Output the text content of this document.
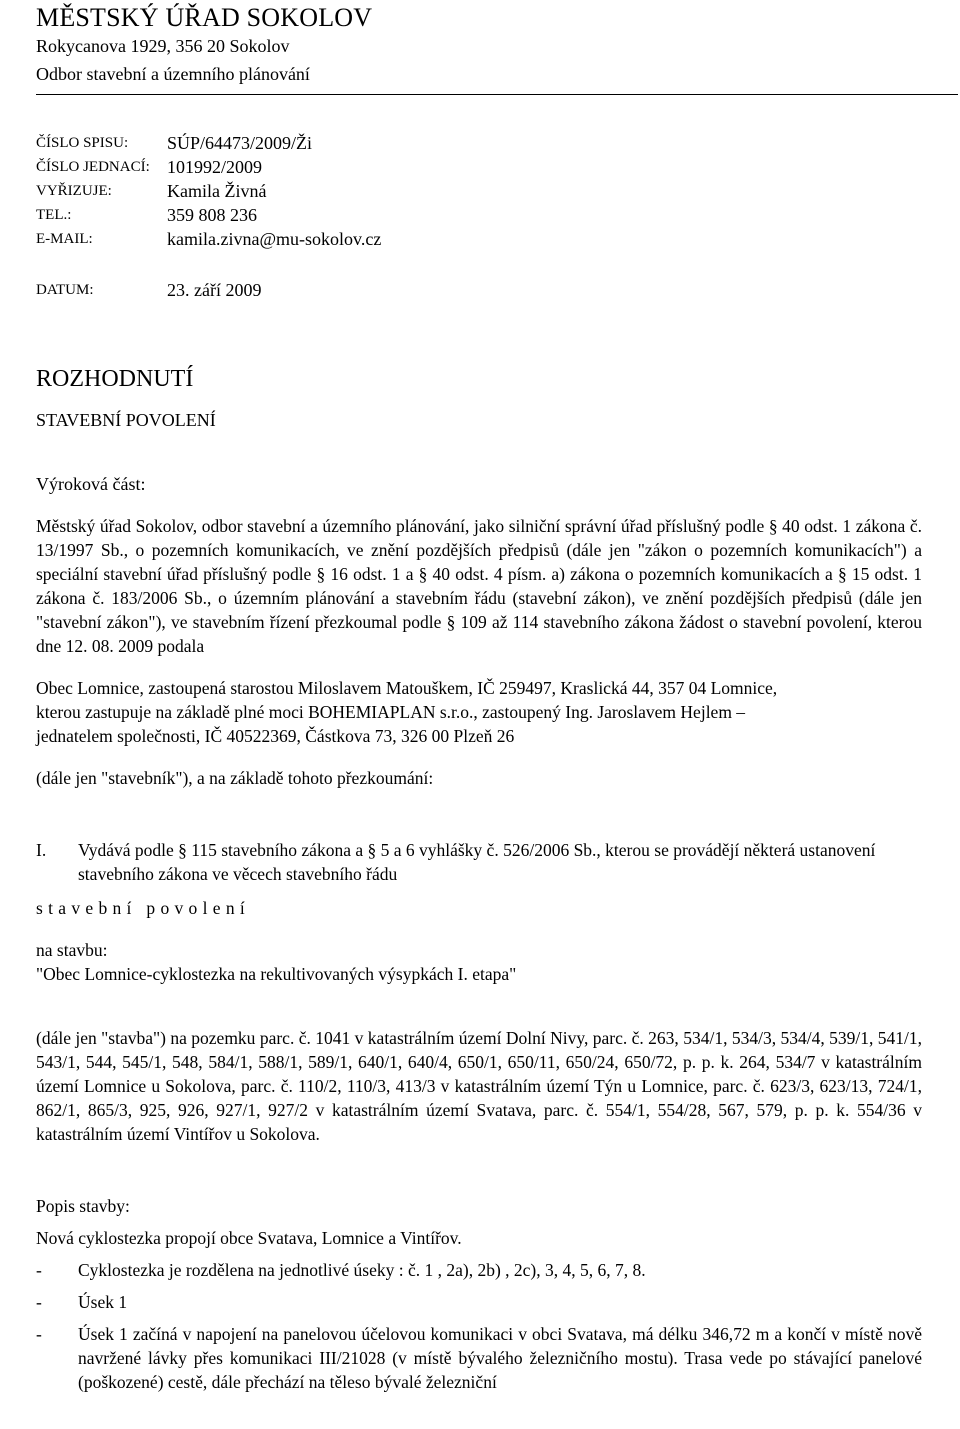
MĚSTSKÝ ÚŘAD SOKOLOV
Rokycanova 1929, 356 20 Sokolov
Odbor stavební a územního plánování
ČÍSLO SPISU:	SÚP/64473/2009/Ži
ČÍSLO JEDNACÍ: 101992/2009
VYŘIZUJE:	Kamila Živná
TEL.:	359 808 236
E-MAIL:	kamila.zivna@mu-sokolov.cz
DATUM:	23. září 2009
ROZHODNUTÍ
STAVEBNÍ POVOLENÍ
Výroková část:

Městský úřad Sokolov, odbor stavební a územního plánování, jako silniční správní úřad příslušný podle § 40 odst. 1 zákona č. 13/1997 Sb., o pozemních komunikacích, ve znění pozdějších předpisů (dále jen "zákon o pozemních komunikacích") a speciální stavební úřad příslušný podle § 16 odst. 1 a § 40 odst. 4 písm. a) zákona o pozemních komunikacích a § 15 odst. 1 zákona č. 183/2006 Sb., o územním plánování a stavebním řádu (stavební zákon), ve znění pozdějších předpisů (dále jen "stavební zákon"), ve stavebním řízení přezkoumal podle § 109 až 114 stavebního zákona žádost o stavební povolení, kterou dne 12. 08. 2009 podala

Obec Lomnice, zastoupená starostou Miloslavem Matouškem, IČ 259497, Kraslická 44, 357 04 Lomnice,

kterou zastupuje na základě plné moci BOHEMIAPLAN s.r.o., zastoupený Ing. Jaroslavem Hejlem –

jednatelem společnosti, IČ 40522369, Částkova 73, 326 00 Plzeň 26

(dále jen "stavebník"), a na základě tohoto přezkoumání:

I.	Vydává podle § 115 stavebního zákona a § 5 a 6 vyhlášky č. 526/2006 Sb., kterou se provádějí některá ustanovení stavebního zákona ve věcech stavebního řádu

stavební povolení

na stavbu:

"Obec Lomnice-cyklostezka na rekultivovaných výsypkách I. etapa"

(dále jen "stavba") na pozemku parc. č. 1041 v katastrálním území Dolní Nivy, parc. č. 263, 534/1, 534/3, 534/4, 539/1, 541/1, 543/1, 544, 545/1, 548, 584/1, 588/1, 589/1, 640/1, 640/4, 650/1, 650/11, 650/24, 650/72, p. p. k. 264, 534/7 v katastrálním území Lomnice u Sokolova, parc. č. 110/2, 110/3, 413/3 v katastrálním území Týn u Lomnice, parc. č. 623/3, 623/13, 724/1, 862/1, 865/3, 925, 926, 927/1, 927/2 v katastrálním území Svatava, parc. č. 554/1, 554/28, 567, 579, p. p. k. 554/36 v katastrálním území Vintířov u Sokolova.

Popis stavby:

Nová cyklostezka propojí obce Svatava, Lomnice a Vintířov.

-	Cyklostezka je rozdělena na jednotlivé úseky : č. 1 , 2a), 2b) , 2c), 3, 4, 5, 6, 7, 8.
-	Úsek 1
-	Úsek 1 začíná v napojení na panelovou účelovou komunikaci v obci Svatava, má délku 346,72 m a končí v místě nově navržené lávky přes komunikaci III/21028 (v místě bývalého železničního mostu). Trasa vede po stávající panelové (poškozené) cestě, dále přechází na těleso bývalé železniční
